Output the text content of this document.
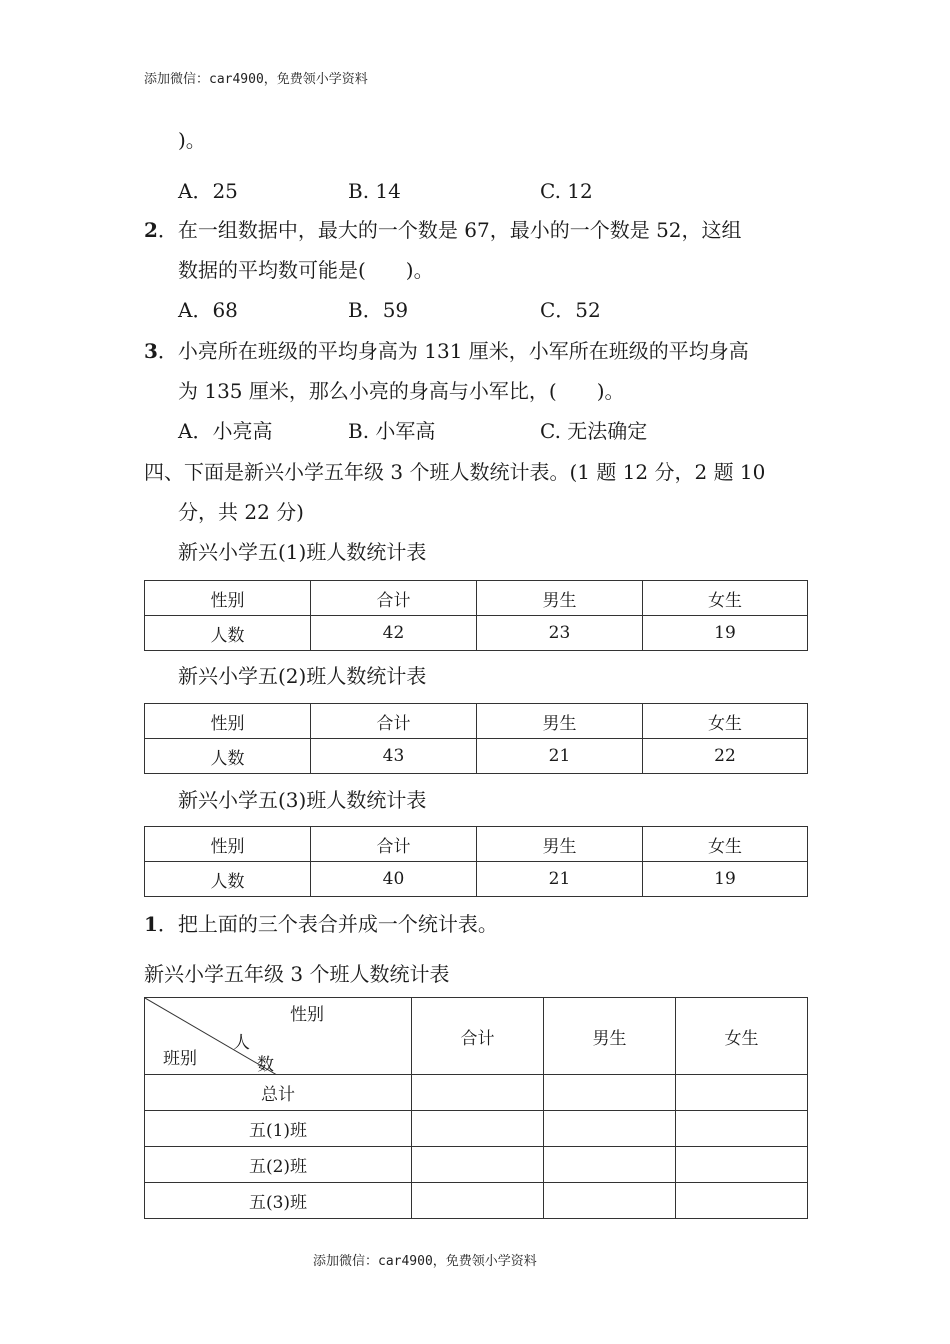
添加微信：car4900，免费领小学资料
)。
A．25	B. 14	C. 12
2．在一组数据中，最大的一个数是 67，最小的一个数是 52，这组
数据的平均数可能是(　　)。
A．68	B．59	C．52
3．小亮所在班级的平均身高为 131 厘米，小军所在班级的平均身高
为 135 厘米，那么小亮的身高与小军比，(　　)。
A．小亮高	B. 小军高	C. 无法确定
四、下面是新兴小学五年级 3 个班人数统计表。(1 题 12 分，2 题 10
分，共 22 分)
新兴小学五(1)班人数统计表
性别	合计	男生	女生
人数	42	23	19
新兴小学五(2)班人数统计表
性别	合计	男生	女生
人数	43	21	22
新兴小学五(3)班人数统计表
性别	合计	男生	女生
人数	40	21	19
1．把上面的三个表合并成一个统计表。
新兴小学五年级 3 个班人数统计表
性别
人
数
班别	合计	男生	女生
总计			
五(1)班			
五(2)班			
五(3)班			
添加微信：car4900，免费领小学资料
